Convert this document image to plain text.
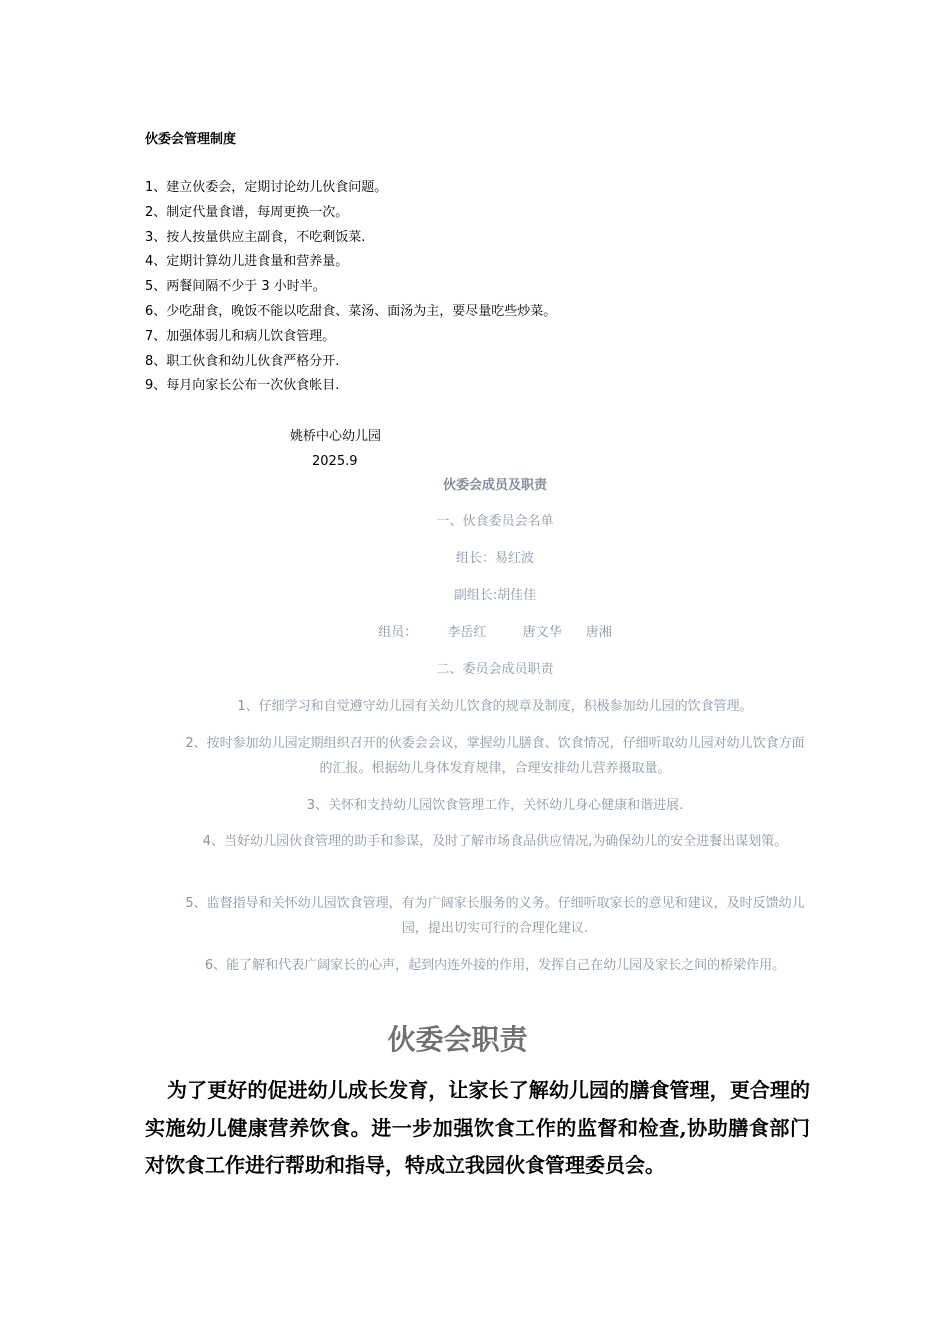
伙委会管理制度
1、建立伙委会，定期讨论幼儿伙食问题。
2、制定代量食谱，每周更换一次。
3、按人按量供应主副食，不吃剩饭菜.
4、定期计算幼儿进食量和营养量。
5、两餐间隔不少于 3 小时半。
6、少吃甜食，晚饭不能以吃甜食、菜汤、面汤为主，要尽量吃些炒菜。
7、加强体弱儿和病儿饮食管理。
8、职工伙食和幼儿伙食严格分开.
9、每月向家长公布一次伙食帐目.
姚桥中心幼儿园
2025.9
伙委会成员及职责
一、伙食委员会名单
组长：易红波
副组长:胡佳佳
组员： 李岳红	唐文华 唐湘
二、委员会成员职责
1、仔细学习和自觉遵守幼儿园有关幼儿饮食的规章及制度，积极参加幼儿园的饮食管理。
2、按时参加幼儿园定期组织召开的伙委会会议，掌握幼儿膳食、饮食情况，仔细听取幼儿园对幼儿饮食方面的汇报。根据幼儿身体发育规律，合理安排幼儿营养摄取量。
3、关怀和支持幼儿园饮食管理工作，关怀幼儿身心健康和谐进展.
4、当好幼儿园伙食管理的助手和参谋，及时了解市场食品供应情况,为确保幼儿的安全进餐出谋划策。
5、监督指导和关怀幼儿园饮食管理，有为广阔家长服务的义务。仔细听取家长的意见和建议，及时反馈幼儿园，提出切实可行的合理化建议.
6、能了解和代表广阔家长的心声，起到内连外接的作用，发挥自己在幼儿园及家长之间的桥梁作用。
伙委会职责
为了更好的促进幼儿成长发育，让家长了解幼儿园的膳食管理，更合理的实施幼儿健康营养饮食。进一步加强饮食工作的监督和检查,协助膳食部门对饮食工作进行帮助和指导，特成立我园伙食管理委员会。
